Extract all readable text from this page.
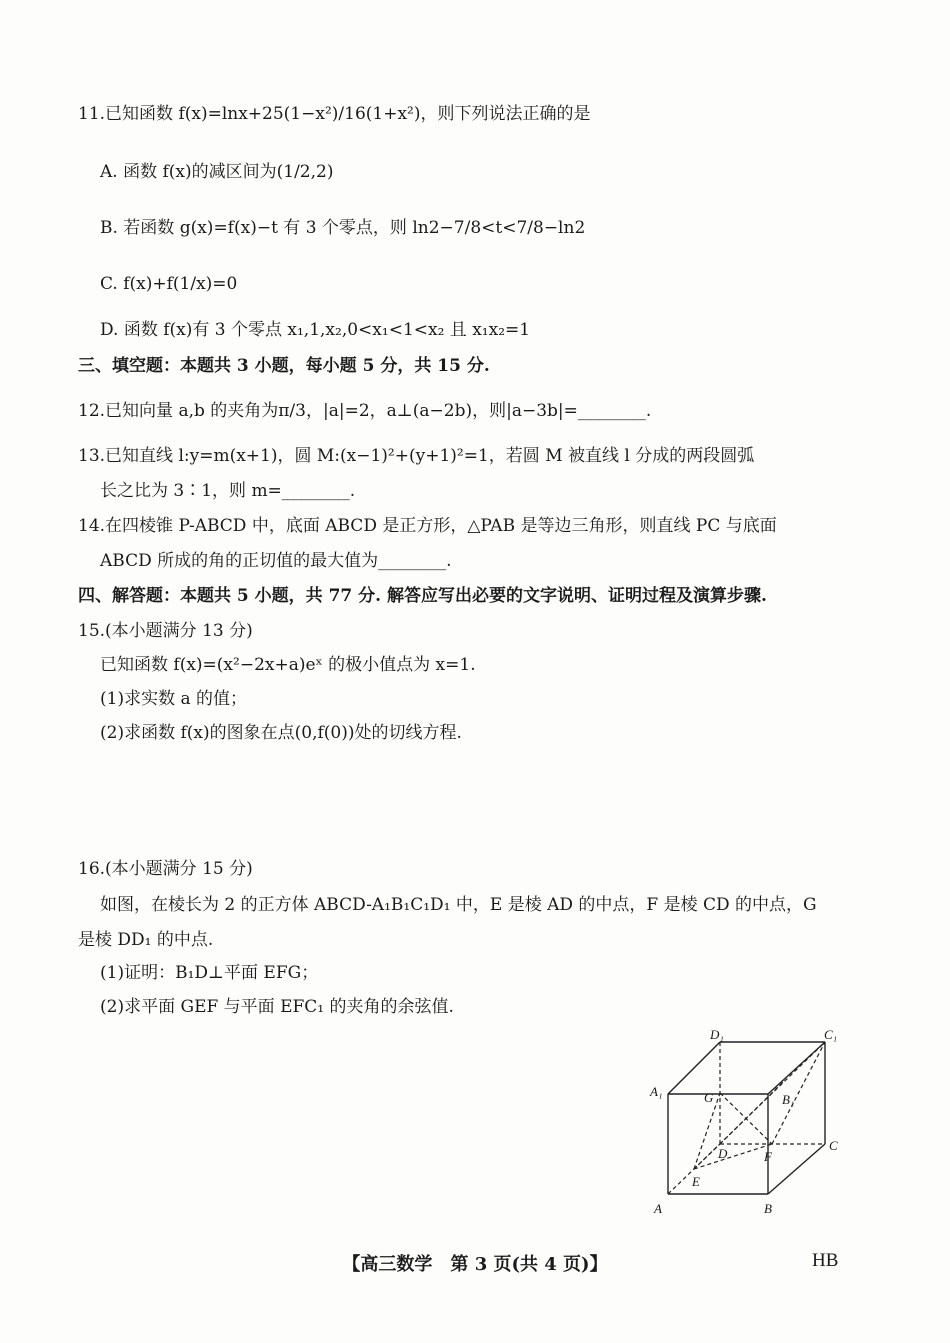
11.已知函数 f(x)=lnx+25(1−x²)/16(1+x²)，则下列说法正确的是
A. 函数 f(x)的减区间为(1/2,2)
B. 若函数 g(x)=f(x)−t 有 3 个零点，则 ln2−7/8<t<7/8−ln2
C. f(x)+f(1/x)=0
D. 函数 f(x)有 3 个零点 x₁,1,x₂,0<x₁<1<x₂ 且 x₁x₂=1
三、填空题：本题共 3 小题，每小题 5 分，共 15 分.
12.已知向量 a,b 的夹角为π/3，|a|=2，a⊥(a−2b)，则|a−3b|=________.
13.已知直线 l:y=m(x+1)，圆 M:(x−1)²+(y+1)²=1，若圆 M 被直线 l 分成的两段圆弧
长之比为 3∶1，则 m=________.
14.在四棱锥 P-ABCD 中，底面 ABCD 是正方形，△PAB 是等边三角形，则直线 PC 与底面
ABCD 所成的角的正切值的最大值为________.
四、解答题：本题共 5 小题，共 77 分. 解答应写出必要的文字说明、证明过程及演算步骤.
15.(本小题满分 13 分)
已知函数 f(x)=(x²−2x+a)eˣ 的极小值点为 x=1.
(1)求实数 a 的值；
(2)求函数 f(x)的图象在点(0,f(0))处的切线方程.
16.(本小题满分 15 分)
如图，在棱长为 2 的正方体 ABCD-A₁B₁C₁D₁ 中，E 是棱 AD 的中点，F 是棱 CD 的中点，G
是棱 DD₁ 的中点.
(1)证明：B₁D⊥平面 EFG；
(2)求平面 GEF 与平面 EFC₁ 的夹角的余弦值.
A	B
C
D
A₁
B₁
C₁
D₁
E
F
G
【高三数学　第 3 页(共 4 页)】	HB
